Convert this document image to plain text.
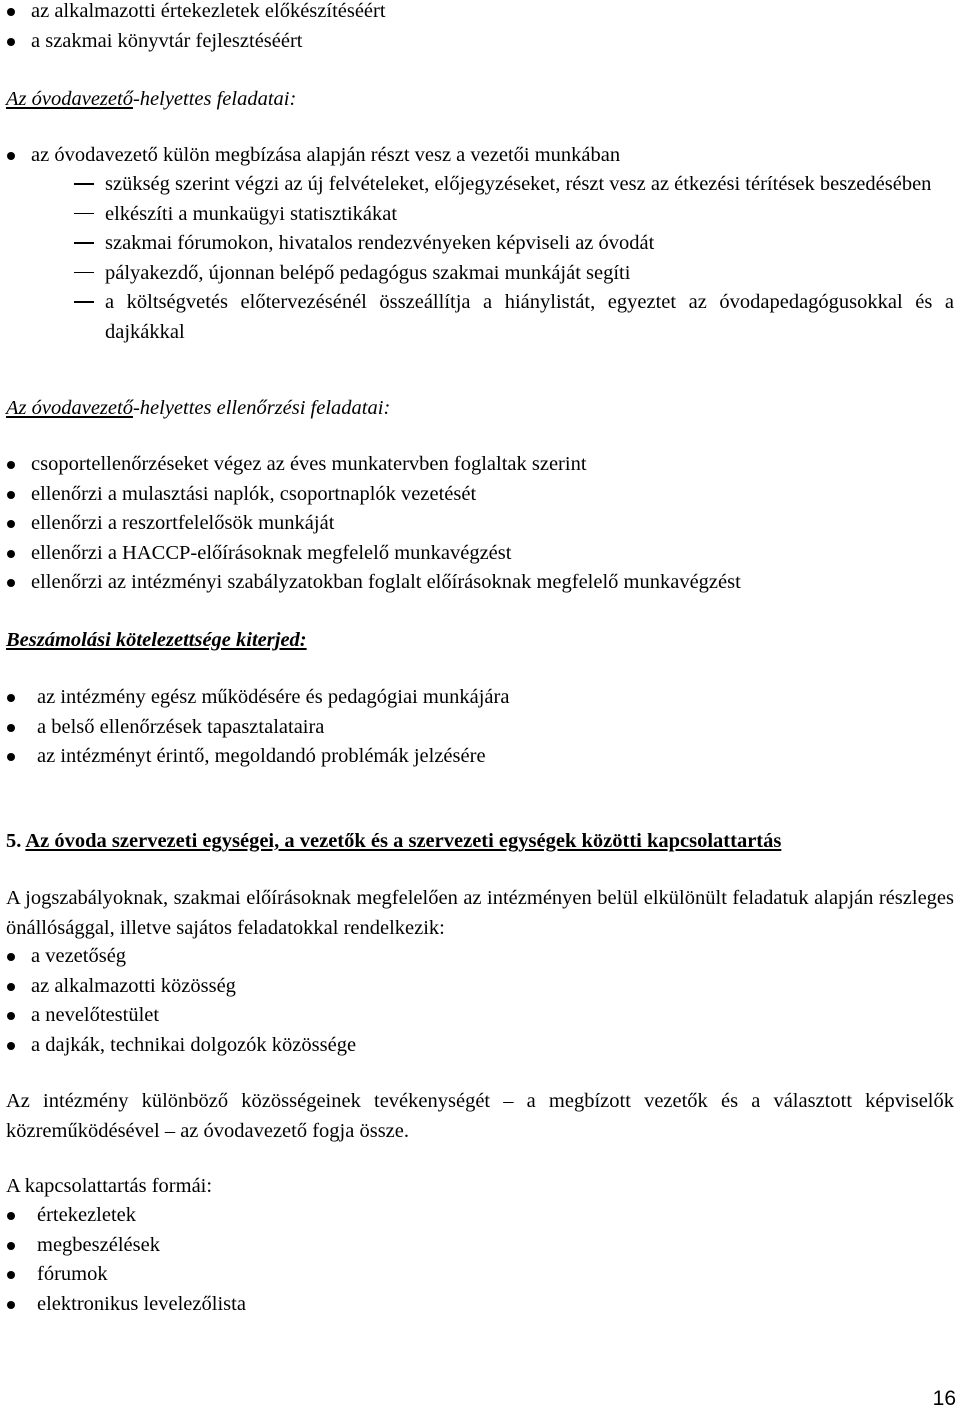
az alkalmazotti értekezletek előkészítéséért
a szakmai könyvtár fejlesztéséért

Az óvodavezető-helyettes feladatai:

az óvodavezető külön megbízása alapján részt vesz a vezetői munkában
szükség szerint végzi az új felvételeket, előjegyzéseket, részt vesz az étkezési térítések beszedésében
elkészíti a munkaügyi statisztikákat
szakmai fórumokon, hivatalos rendezvényeken képviseli az óvodát
pályakezdő, újonnan belépő pedagógus szakmai munkáját segíti
a költségvetés előtervezésénél összeállítja a hiánylistát, egyeztet az óvodapedagógusokkal és a dajkákkal

Az óvodavezető-helyettes ellenőrzési feladatai:

csoportellenőrzéseket végez az éves munkatervben foglaltak szerint
ellenőrzi a mulasztási naplók, csoportnaplók vezetését
ellenőrzi a reszortfelelősök munkáját
ellenőrzi a HACCP-előírásoknak megfelelő munkavégzést
ellenőrzi az intézményi szabályzatokban foglalt előírásoknak megfelelő munkavégzést

Beszámolási kötelezettsége kiterjed:

az intézmény egész működésére és pedagógiai munkájára
a belső ellenőrzések tapasztalataira
az intézményt érintő, megoldandó problémák jelzésére

5. Az óvoda szervezeti egységei, a vezetők és a szervezeti egységek közötti kapcsolattartás

A jogszabályoknak, szakmai előírásoknak megfelelően az intézményen belül elkülönült feladatuk alapján részleges önállósággal, illetve sajátos feladatokkal rendelkezik:

a vezetőség
az alkalmazotti közösség
a nevelőtestület
a dajkák, technikai dolgozók közössége

Az intézmény különböző közösségeinek tevékenységét – a megbízott vezetők és a választott képviselők közreműködésével – az óvodavezető fogja össze.

A kapcsolattartás formái:

értekezletek
megbeszélések
fórumok
elektronikus levelezőlista
16
